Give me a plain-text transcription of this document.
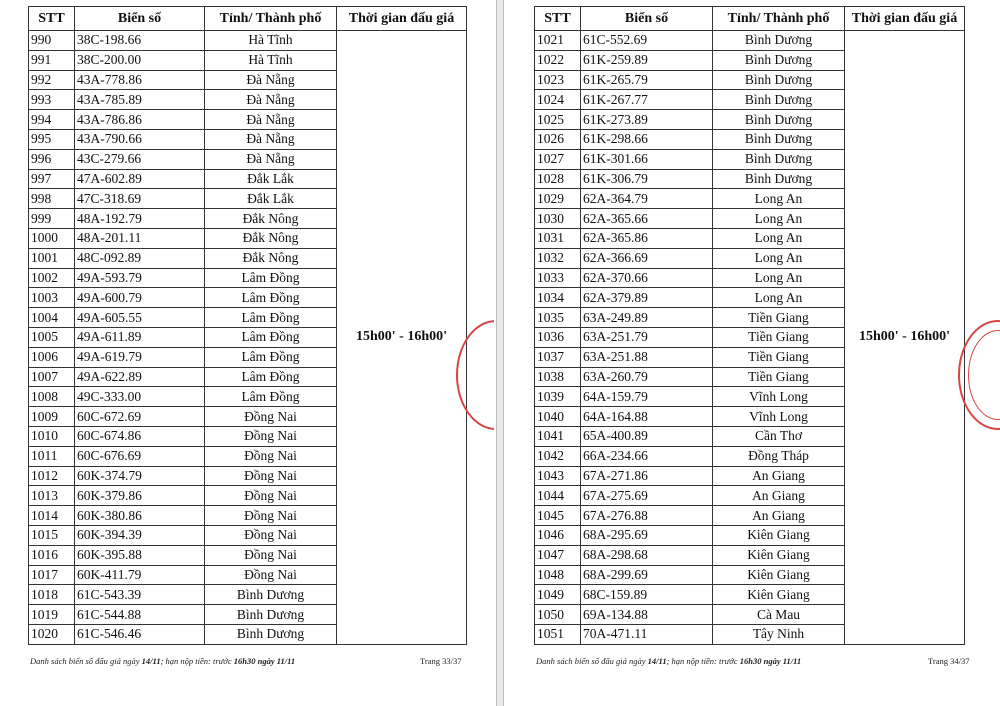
STT	Biển số	Tỉnh/ Thành phố	Thời gian đấu giá
990	38C-198.66	Hà Tĩnh	15h00' - 16h00'
991	38C-200.00	Hà Tĩnh	
992	43A-778.86	Đà Nẵng	
993	43A-785.89	Đà Nẵng	
994	43A-786.86	Đà Nẵng	
995	43A-790.66	Đà Nẵng	
996	43C-279.66	Đà Nẵng	
997	47A-602.89	Đắk Lắk	
998	47C-318.69	Đắk Lắk	
999	48A-192.79	Đắk Nông	
1000	48A-201.11	Đắk Nông	
1001	48C-092.89	Đắk Nông	
1002	49A-593.79	Lâm Đồng	
1003	49A-600.79	Lâm Đồng	
1004	49A-605.55	Lâm Đồng	
1005	49A-611.89	Lâm Đồng	
1006	49A-619.79	Lâm Đồng	
1007	49A-622.89	Lâm Đồng	
1008	49C-333.00	Lâm Đồng	
1009	60C-672.69	Đồng Nai	
1010	60C-674.86	Đồng Nai	
1011	60C-676.69	Đồng Nai	
1012	60K-374.79	Đồng Nai	
1013	60K-379.86	Đồng Nai	
1014	60K-380.86	Đồng Nai	
1015	60K-394.39	Đồng Nai	
1016	60K-395.88	Đồng Nai	
1017	60K-411.79	Đồng Nai	
1018	61C-543.39	Bình Dương	
1019	61C-544.88	Bình Dương	
1020	61C-546.46	Bình Dương	
Danh sách biển số đấu giá ngày 14/11; hạn nộp tiền: trước 16h30 ngày 11/11	Trang 33/37
STT	Biển số	Tỉnh/ Thành phố	Thời gian đấu giá
1021	61C-552.69	Bình Dương	15h00' - 16h00'
1022	61K-259.89	Bình Dương	
1023	61K-265.79	Bình Dương	
1024	61K-267.77	Bình Dương	
1025	61K-273.89	Bình Dương	
1026	61K-298.66	Bình Dương	
1027	61K-301.66	Bình Dương	
1028	61K-306.79	Bình Dương	
1029	62A-364.79	Long An	
1030	62A-365.66	Long An	
1031	62A-365.86	Long An	
1032	62A-366.69	Long An	
1033	62A-370.66	Long An	
1034	62A-379.89	Long An	
1035	63A-249.89	Tiền Giang	
1036	63A-251.79	Tiền Giang	
1037	63A-251.88	Tiền Giang	
1038	63A-260.79	Tiền Giang	
1039	64A-159.79	Vĩnh Long	
1040	64A-164.88	Vĩnh Long	
1041	65A-400.89	Cần Thơ	
1042	66A-234.66	Đồng Tháp	
1043	67A-271.86	An Giang	
1044	67A-275.69	An Giang	
1045	67A-276.88	An Giang	
1046	68A-295.69	Kiên Giang	
1047	68A-298.68	Kiên Giang	
1048	68A-299.69	Kiên Giang	
1049	68C-159.89	Kiên Giang	
1050	69A-134.88	Cà Mau	
1051	70A-471.11	Tây Ninh	
Danh sách biển số đấu giá ngày 14/11; hạn nộp tiền: trước 16h30 ngày 11/11	Trang 34/37
